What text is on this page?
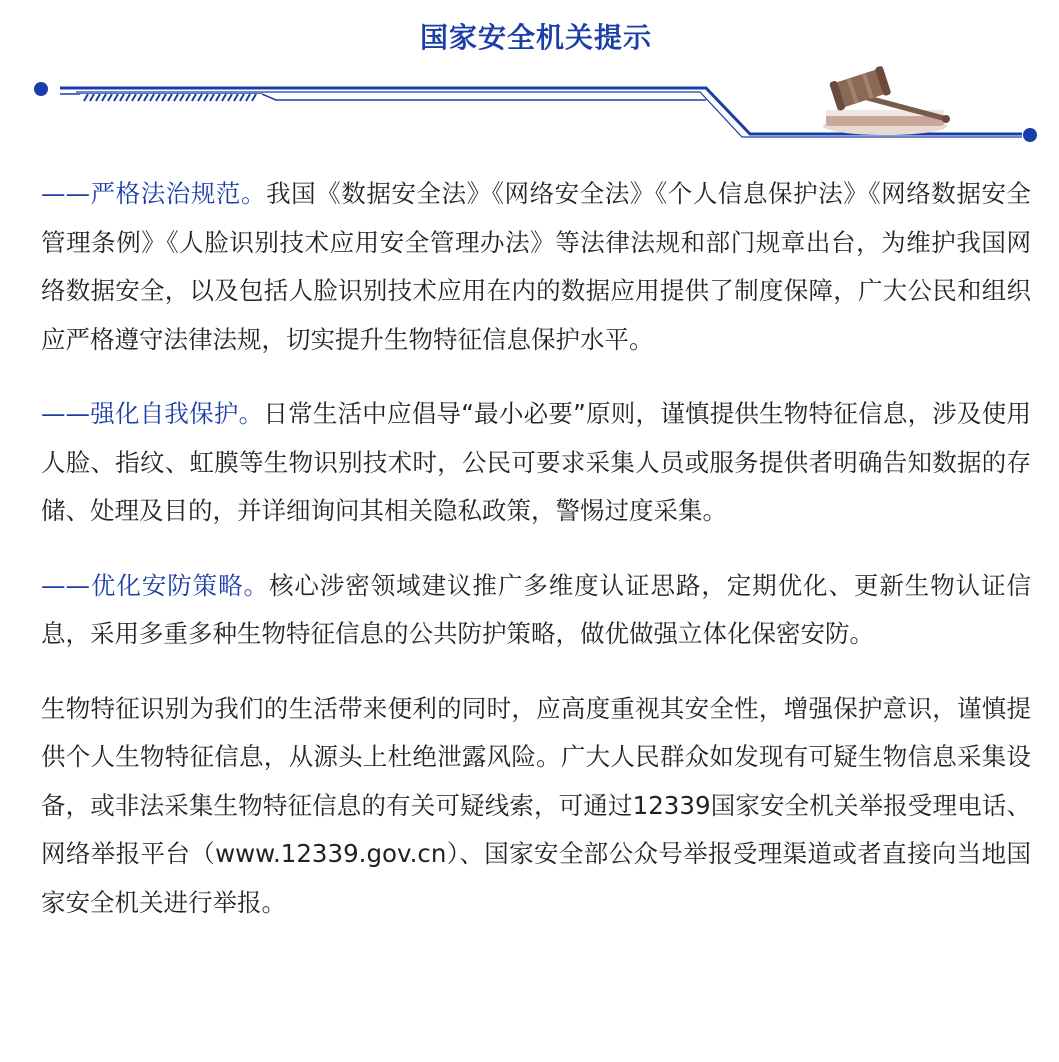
国家安全机关提示

——严格法治规范。我国《数据安全法》《网络安全法》《个人信息保护法》《网络数据安全管理条例》《人脸识别技术应用安全管理办法》等法律法规和部门规章出台，为维护我国网络数据安全，以及包括人脸识别技术应用在内的数据应用提供了制度保障，广大公民和组织应严格遵守法律法规，切实提升生物特征信息保护水平。

——强化自我保护。日常生活中应倡导“最小必要”原则，谨慎提供生物特征信息，涉及使用人脸、指纹、虹膜等生物识别技术时，公民可要求采集人员或服务提供者明确告知数据的存储、处理及目的，并详细询问其相关隐私政策，警惕过度采集。

——优化安防策略。核心涉密领域建议推广多维度认证思路，定期优化、更新生物认证信息，采用多重多种生物特征信息的公共防护策略，做优做强立体化保密安防。

生物特征识别为我们的生活带来便利的同时，应高度重视其安全性，增强保护意识，谨慎提供个人生物特征信息，从源头上杜绝泄露风险。广大人民群众如发现有可疑生物信息采集设备，或非法采集生物特征信息的有关可疑线索，可通过12339国家安全机关举报受理电话、网络举报平台（www.12339.gov.cn）、国家安全部公众号举报受理渠道或者直接向当地国家安全机关进行举报。
